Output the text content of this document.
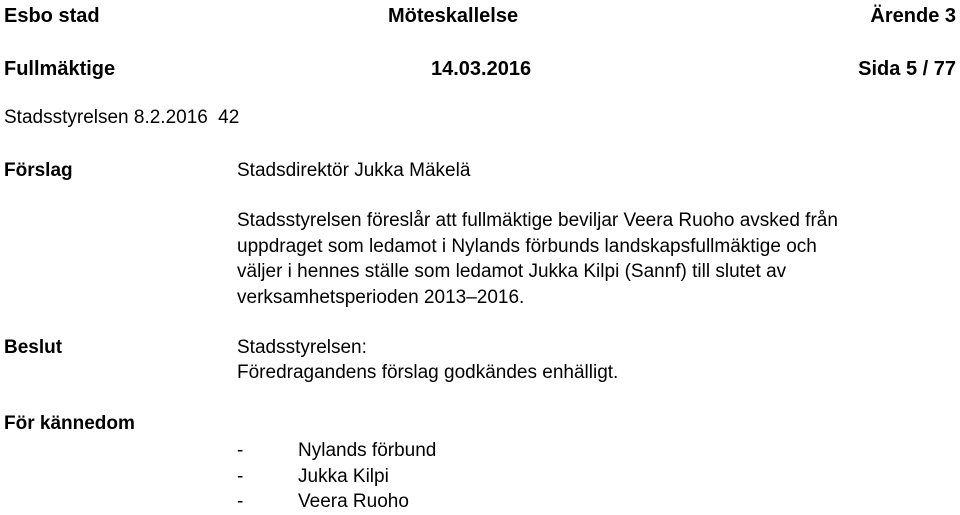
Esbo stad	Möteskallelse	Ärende 3
Fullmäktige	14.03.2016	Sida 5 / 77
Stadsstyrelsen 8.2.2016 42
Förslag	Stadsdirektör Jukka Mäkelä
Stadsstyrelsen föreslår att fullmäktige beviljar Veera Ruoho avsked från
uppdraget som ledamot i Nylands förbunds landskapsfullmäktige och
väljer i hennes ställe som ledamot Jukka Kilpi (Sannf) till slutet av
verksamhetsperioden 2013–2016.
Beslut	Stadsstyrelsen:
Föredragandens förslag godkändes enhälligt.
För kännedom
-	Nylands förbund
-	Jukka Kilpi
-	Veera Ruoho
